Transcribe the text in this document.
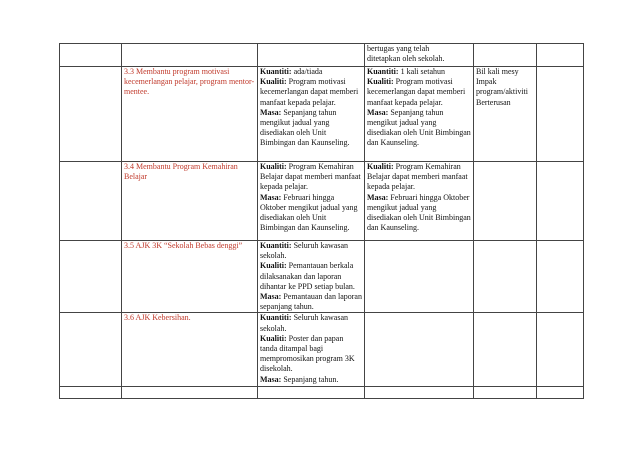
			bertugas yang telah
ditetapkan oleh sekolah.		

	3.3 Membantu program motivasi kecemerlangan pelajar, program mentor-mentee.	Kuantiti: ada/tiada
Kualiti: Program motivasi kecemerlangan dapat memberi manfaat kepada pelajar.
Masa: Sepanjang tahun mengikut jadual yang disediakan oleh Unit Bimbingan dan Kaunseling.	Kuantiti: 1 kali setahun
Kualiti: Program motivasi kecemerlangan dapat memberi manfaat kepada pelajar.
Masa: Sepanjang tahun mengikut jadual yang disediakan oleh Unit Bimbingan dan Kaunseling.	Bil kali mesy
Impak program/aktiviti
Berterusan	

	3.4 Membantu Program Kemahiran Belajar	Kualiti: Program Kemahiran Belajar dapat memberi manfaat kepada pelajar.
Masa: Februari hingga Oktober mengikut jadual yang disediakan oleh Unit Bimbingan dan Kaunseling.	Kualiti: Program Kemahiran Belajar dapat memberi manfaat kepada pelajar.
Masa: Februari hingga Oktober mengikut jadual yang disediakan oleh Unit Bimbingan dan Kaunseling.		
	3.5 AJK 3K “Sekolah Bebas denggi”	Kuantiti: Seluruh kawasan sekolah.
Kualiti: Pemantauan berkala dilaksanakan dan laporan dihantar ke PPD setiap bulan.
Masa: Pemantauan dan laporan sepanjang tahun.			
	3.6 AJK Kebersihan.	Kuantiti: Seluruh kawasan sekolah.
Kualiti: Poster dan papan tanda ditampal bagi mempromosikan program 3K disekolah.
Masa: Sepanjang tahun.			
